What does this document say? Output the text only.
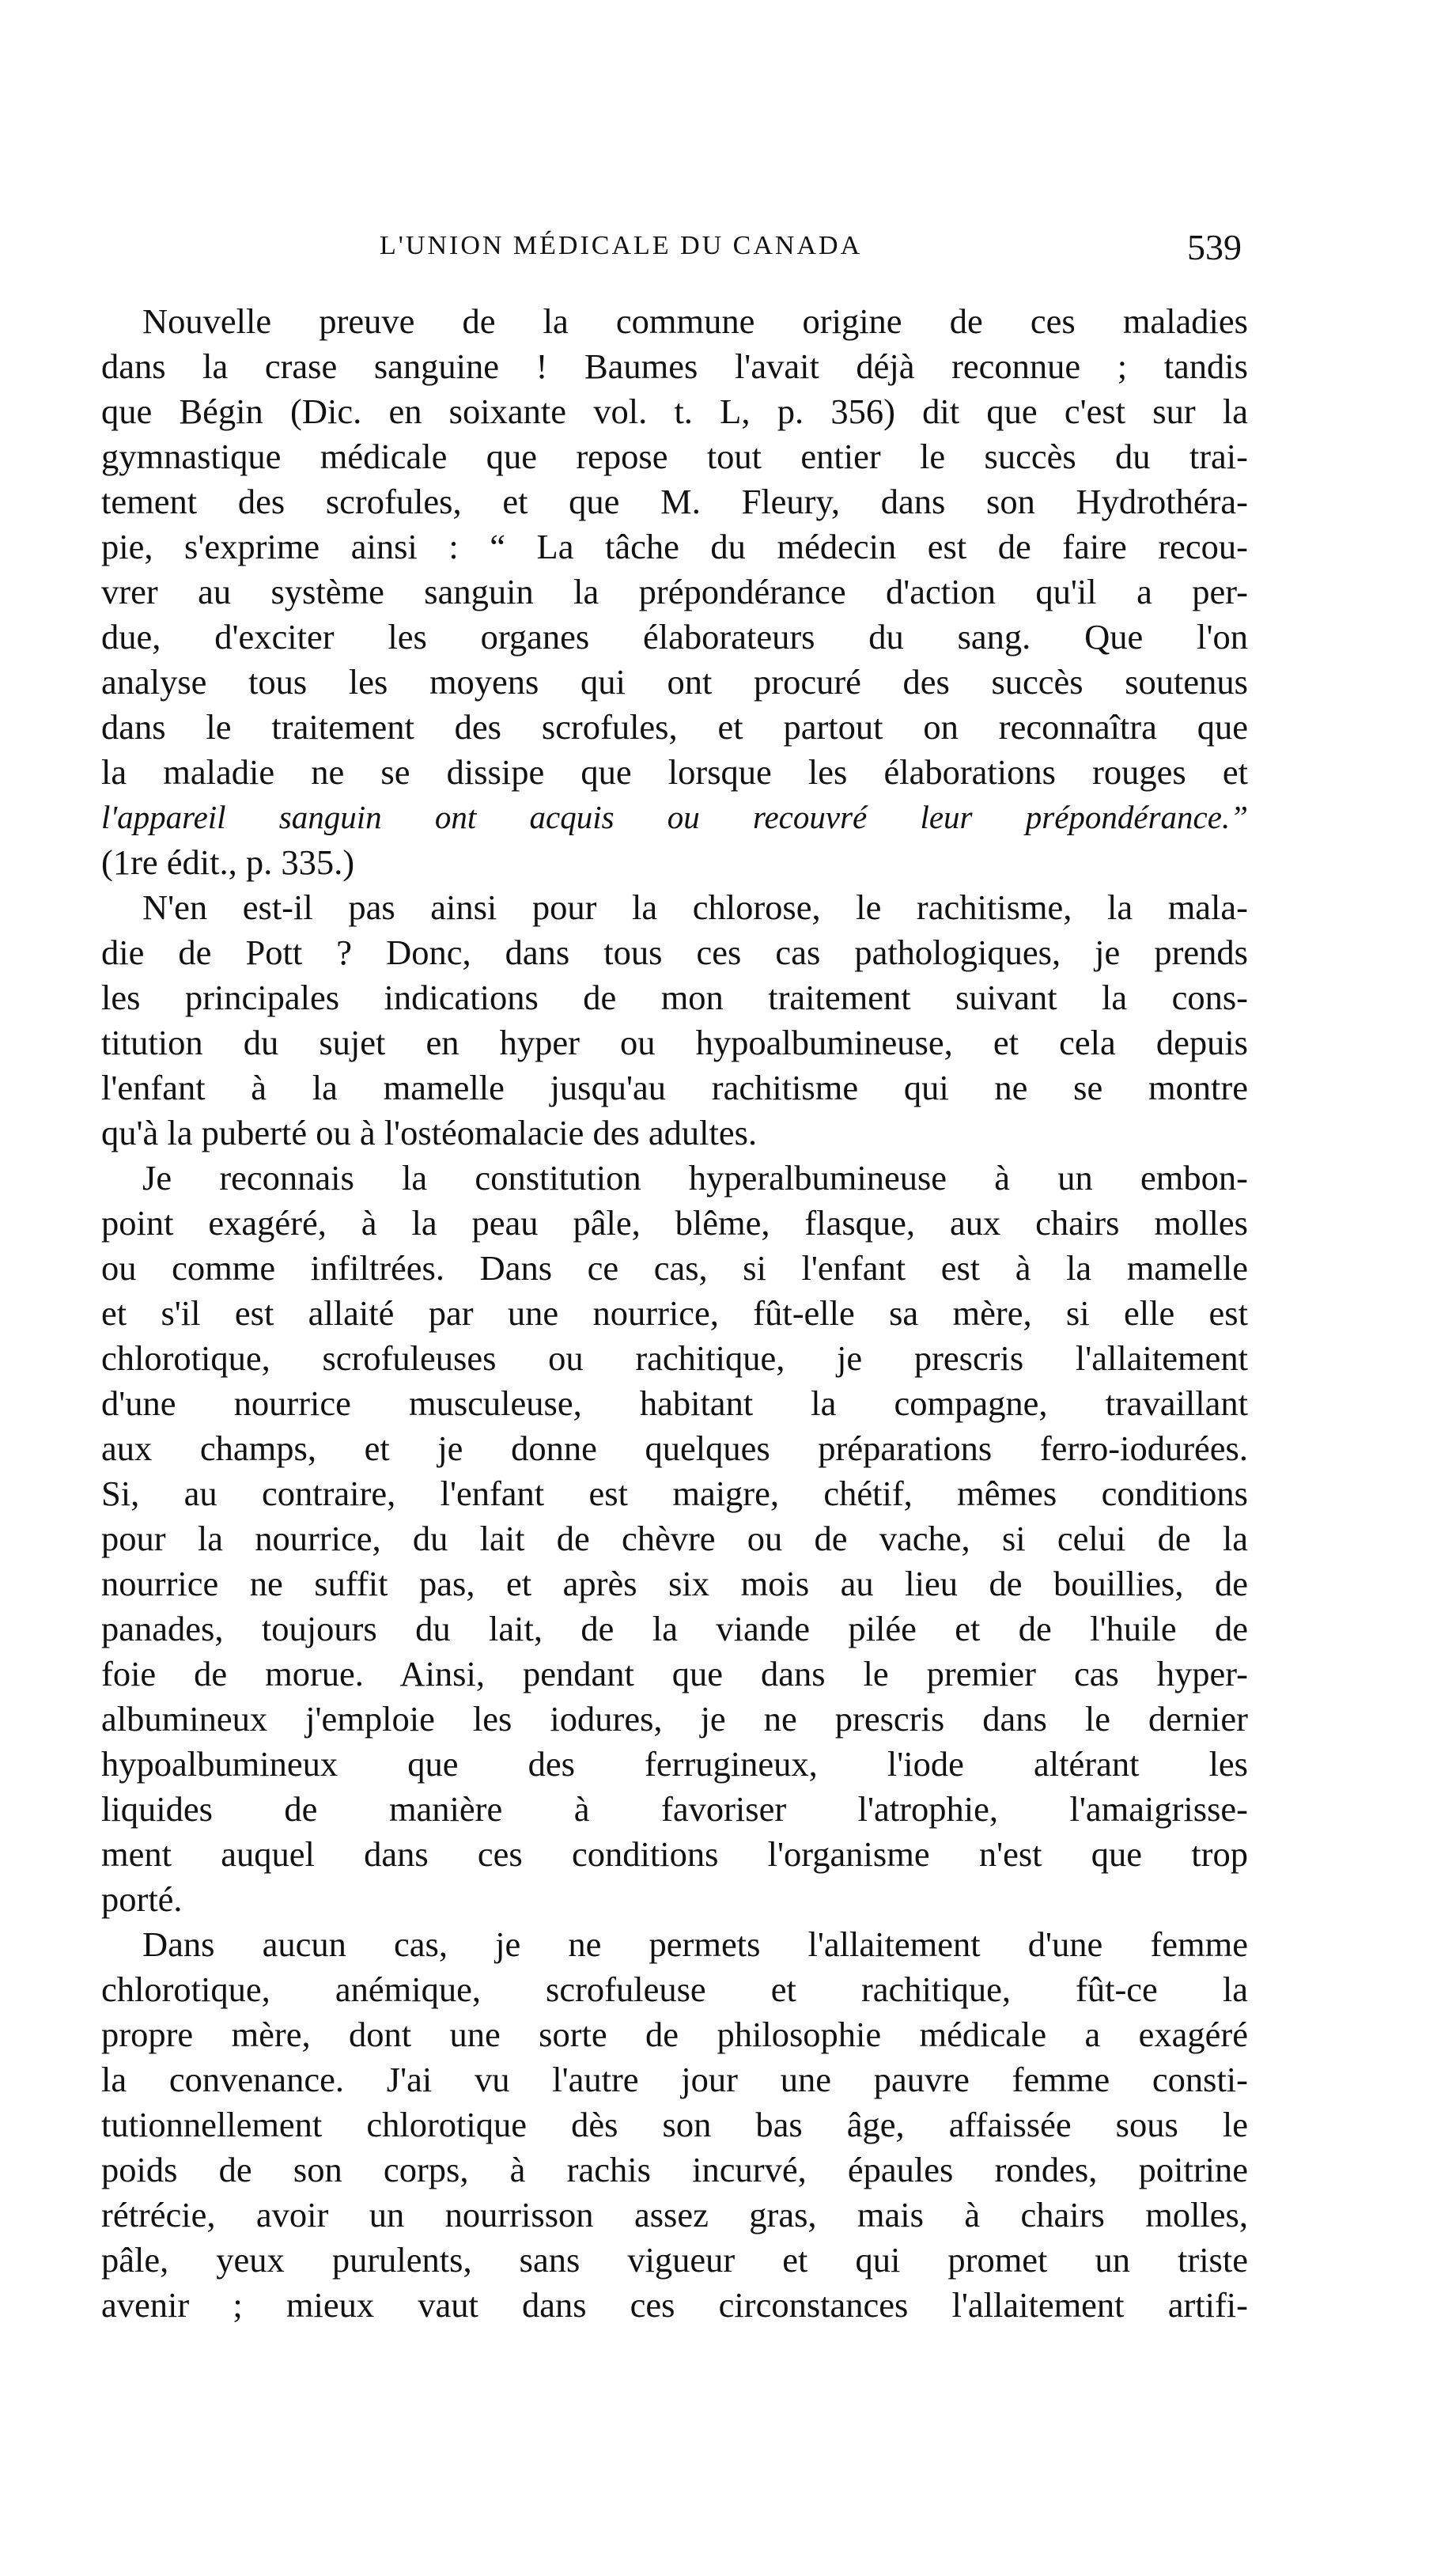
L'UNION MÉDICALE DU CANADA	539
Nouvelle preuve de la commune origine de ces maladies
dans la crase sanguine ! Baumes l'avait déjà reconnue ; tandis
que Bégin (Dic. en soixante vol. t. L, p. 356) dit que c'est sur la
gymnastique médicale que repose tout entier le succès du trai-
tement des scrofules, et que M. Fleury, dans son Hydrothéra-
pie, s'exprime ainsi : “ La tâche du médecin est de faire recou-
vrer au système sanguin la prépondérance d'action qu'il a per-
due, d'exciter les organes élaborateurs du sang. Que l'on
analyse tous les moyens qui ont procuré des succès soutenus
dans le traitement des scrofules, et partout on reconnaîtra que
la maladie ne se dissipe que lorsque les élaborations rouges et
l'appareil sanguin ont acquis ou recouvré leur prépondérance.”
(1re édit., p. 335.)
N'en est-il pas ainsi pour la chlorose, le rachitisme, la mala-
die de Pott ? Donc, dans tous ces cas pathologiques, je prends
les principales indications de mon traitement suivant la cons-
titution du sujet en hyper ou hypoalbumineuse, et cela depuis
l'enfant à la mamelle jusqu'au rachitisme qui ne se montre
qu'à la puberté ou à l'ostéomalacie des adultes.
Je reconnais la constitution hyperalbumineuse à un embon-
point exagéré, à la peau pâle, blême, flasque, aux chairs molles
ou comme infiltrées. Dans ce cas, si l'enfant est à la mamelle
et s'il est allaité par une nourrice, fût-elle sa mère, si elle est
chlorotique, scrofuleuses ou rachitique, je prescris l'allaitement
d'une nourrice musculeuse, habitant la compagne, travaillant
aux champs, et je donne quelques préparations ferro-iodurées.
Si, au contraire, l'enfant est maigre, chétif, mêmes conditions
pour la nourrice, du lait de chèvre ou de vache, si celui de la
nourrice ne suffit pas, et après six mois au lieu de bouillies, de
panades, toujours du lait, de la viande pilée et de l'huile de
foie de morue. Ainsi, pendant que dans le premier cas hyper-
albumineux j'emploie les iodures, je ne prescris dans le dernier
hypoalbumineux que des ferrugineux, l'iode altérant les
liquides de manière à favoriser l'atrophie, l'amaigrisse-
ment auquel dans ces conditions l'organisme n'est que trop
porté.
Dans aucun cas, je ne permets l'allaitement d'une femme
chlorotique, anémique, scrofuleuse et rachitique, fût-ce la
propre mère, dont une sorte de philosophie médicale a exagéré
la convenance. J'ai vu l'autre jour une pauvre femme consti-
tutionnellement chlorotique dès son bas âge, affaissée sous le
poids de son corps, à rachis incurvé, épaules rondes, poitrine
rétrécie, avoir un nourrisson assez gras, mais à chairs molles,
pâle, yeux purulents, sans vigueur et qui promet un triste
avenir ; mieux vaut dans ces circonstances l'allaitement artifi-
